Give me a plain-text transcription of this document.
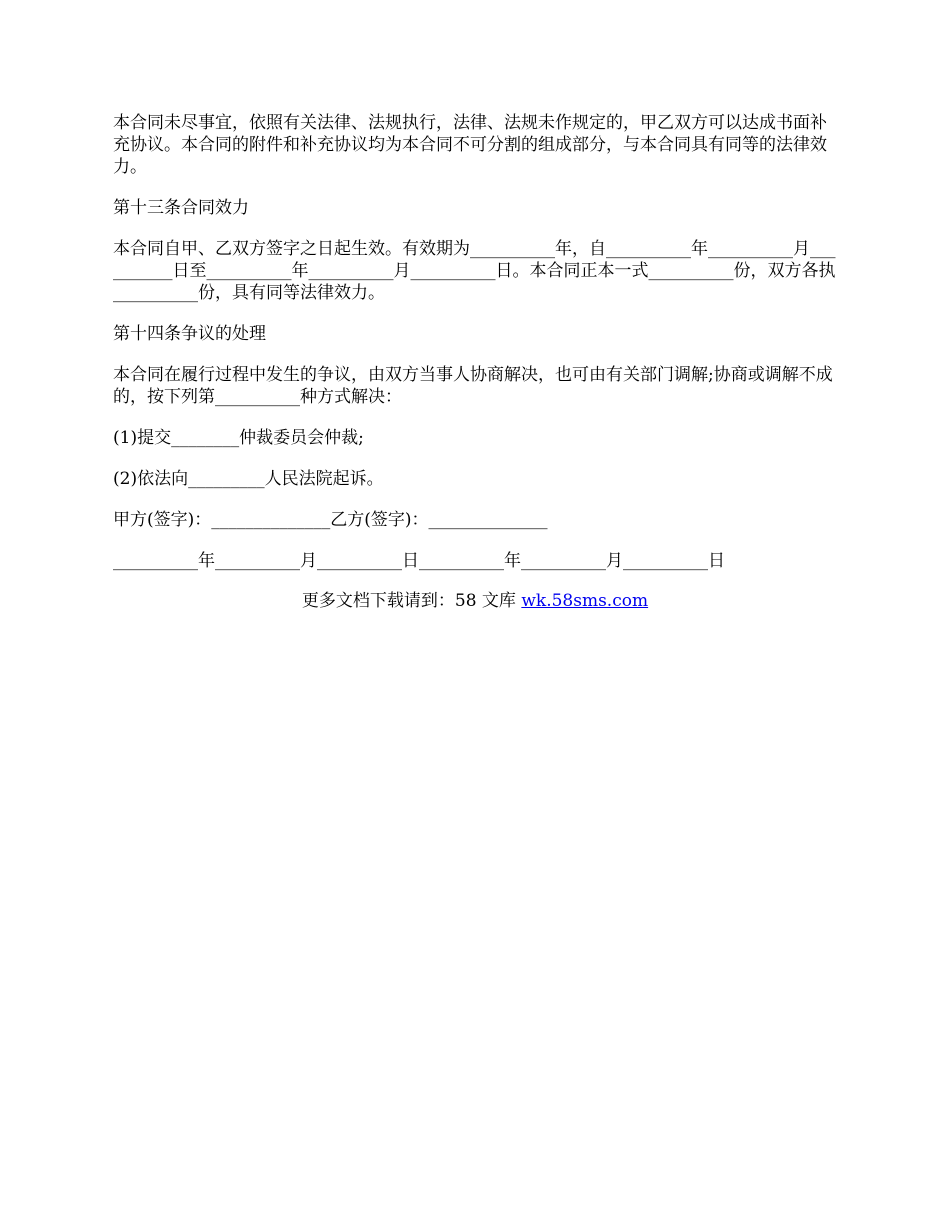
本合同未尽事宜，依照有关法律、法规执行，法律、法规未作规定的，甲乙双方可以达成书面补充协议。本合同的附件和补充协议均为本合同不可分割的组成部分，与本合同具有同等的法律效力。

第十三条合同效力

本合同自甲、乙双方签字之日起生效。有效期为__________年，自__________年__________月__________日至__________年__________月__________日。本合同正本一式__________份，双方各执__________份，具有同等法律效力。

第十四条争议的处理

本合同在履行过程中发生的争议，由双方当事人协商解决，也可由有关部门调解;协商或调解不成的，按下列第__________种方式解决：

(1)提交________仲裁委员会仲裁;

(2)依法向_________人民法院起诉。

甲方(签字)：______________乙方(签字)：______________

__________年__________月__________日__________年__________月__________日

更多文档下载请到：58 文库 wk.58sms.com
